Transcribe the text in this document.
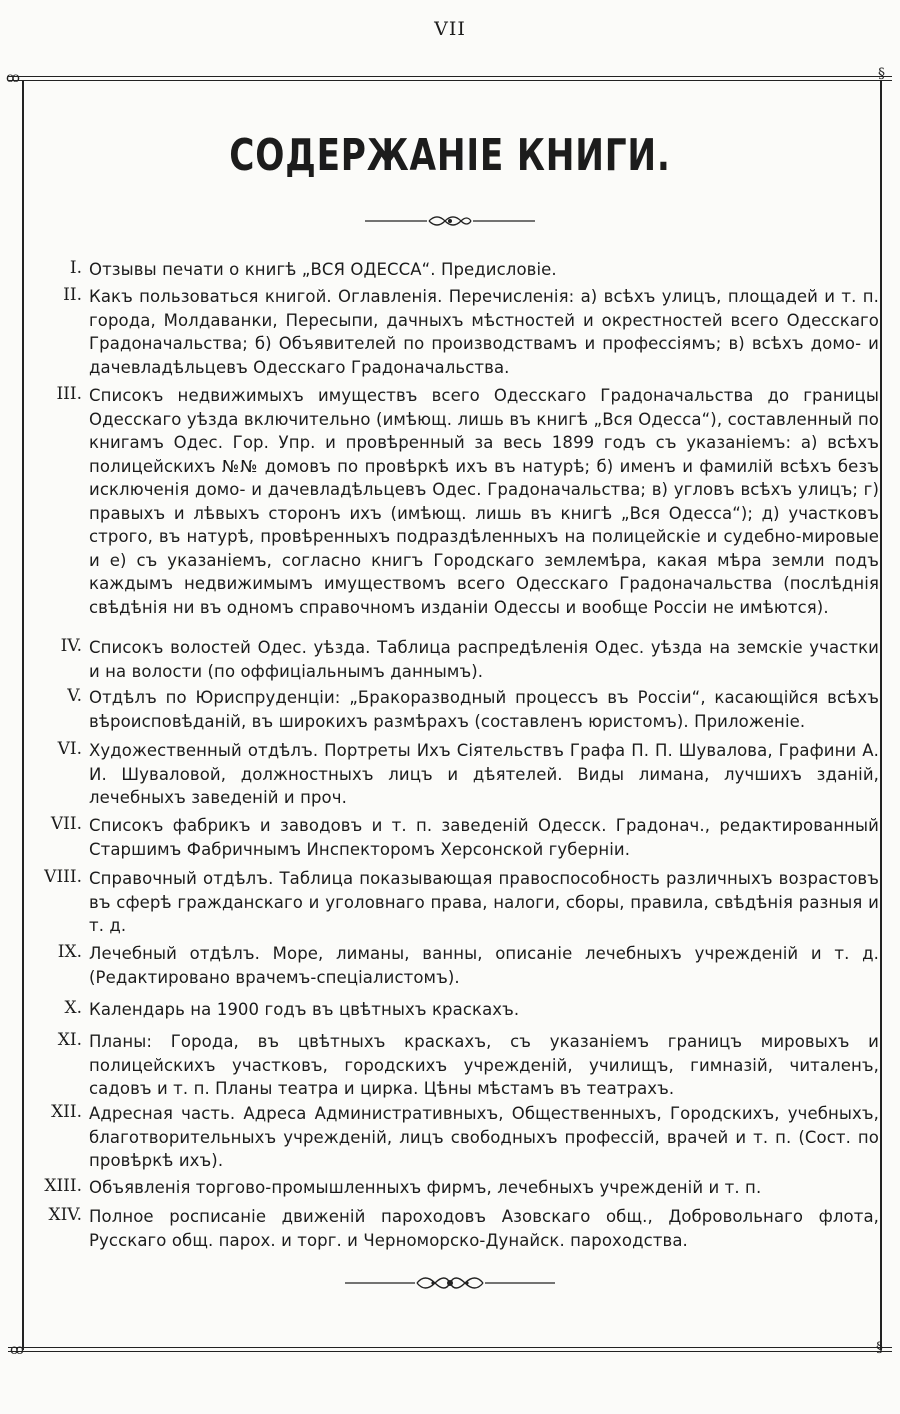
VII
ꝏ	§
ꝏ	§
СОДЕРЖАНІЕ КНИГИ.
I. Отзывы печати о книгѣ „ВСЯ ОДЕССА“. Предисловіе.
II. Какъ пользоваться книгой. Оглавленія. Перечисленія: а) всѣхъ улицъ, площадей и т. п. города, Молдаванки, Пересыпи, дачныхъ мѣстностей и окрестностей всего Одесскаго Градоначальства; б) Объявителей по производствамъ и профессіямъ; в) всѣхъ домо- и дачевладѣльцевъ Одесскаго Градоначальства.
III. Списокъ недвижимыхъ имуществъ всего Одесскаго Градоначальства до границы Одесскаго уѣзда включительно (имѣющ. лишь въ книгѣ „Вся Одесса“), составленный по книгамъ Одес. Гор. Упр. и провѣренный за весь 1899 годъ съ указаніемъ: а) всѣхъ полицейскихъ №№ домовъ по провѣркѣ ихъ въ натурѣ; б) именъ и фамилій всѣхъ безъ исключенія домо- и дачевладѣльцевъ Одес. Градоначальства; в) угловъ всѣхъ улицъ; г) правыхъ и лѣвыхъ сторонъ ихъ (имѣющ. лишь въ книгѣ „Вся Одесса“); д) участковъ строго, въ натурѣ, провѣренныхъ подраздѣленныхъ на полицейскіе и судебно-мировые и е) съ указаніемъ, согласно книгъ Городскаго землемѣра, какая мѣра земли подъ каждымъ недвижимымъ имуществомъ всего Одесскаго Градоначальства (послѣднія свѣдѣнія ни въ одномъ справочномъ изданіи Одессы и вообще Россіи не имѣются).
IV. Списокъ волостей Одес. уѣзда. Таблица распредѣленія Одес. уѣзда на земскіе участки и на волости (по оффиціальнымъ даннымъ).
V. Отдѣлъ по Юриспруденціи: „Бракоразводный процессъ въ Россіи“, касающійся всѣхъ вѣроисповѣданій, въ широкихъ размѣрахъ (составленъ юристомъ). Приложеніе.
VI. Художественный отдѣлъ. Портреты Ихъ Сіятельствъ Графа П. П. Шувалова, Графини А. И. Шуваловой, должностныхъ лицъ и дѣятелей. Виды лимана, лучшихъ зданій, лечебныхъ заведеній и проч.
VII. Списокъ фабрикъ и заводовъ и т. п. заведеній Одесск. Градонач., редактированный Старшимъ Фабричнымъ Инспекторомъ Херсонской губерніи.
VIII. Справочный отдѣлъ. Таблица показывающая правоспособность различныхъ возрастовъ въ сферѣ гражданскаго и уголовнаго права, налоги, сборы, правила, свѣдѣнія разныя и т. д.
IX. Лечебный отдѣлъ. Море, лиманы, ванны, описаніе лечебныхъ учрежденій и т. д. (Редактировано врачемъ-спеціалистомъ).
X. Календарь на 1900 годъ въ цвѣтныхъ краскахъ.
XI. Планы: Города, въ цвѣтныхъ краскахъ, съ указаніемъ границъ мировыхъ и полицейскихъ участковъ, городскихъ учрежденій, училищъ, гимназій, читаленъ, садовъ и т. п. Планы театра и цирка. Цѣны мѣстамъ въ театрахъ.
XII. Адресная часть. Адреса Административныхъ, Общественныхъ, Городскихъ, учебныхъ, благотворительныхъ учрежденій, лицъ свободныхъ профессій, врачей и т. п. (Сост. по провѣркѣ ихъ).
XIII. Объявленія торгово-промышленныхъ фирмъ, лечебныхъ учрежденій и т. п.
XIV. Полное росписаніе движеній пароходовъ Азовскаго общ., Добровольнаго флота, Русскаго общ. парох. и торг. и Черноморско-Дунайск. пароходства.
